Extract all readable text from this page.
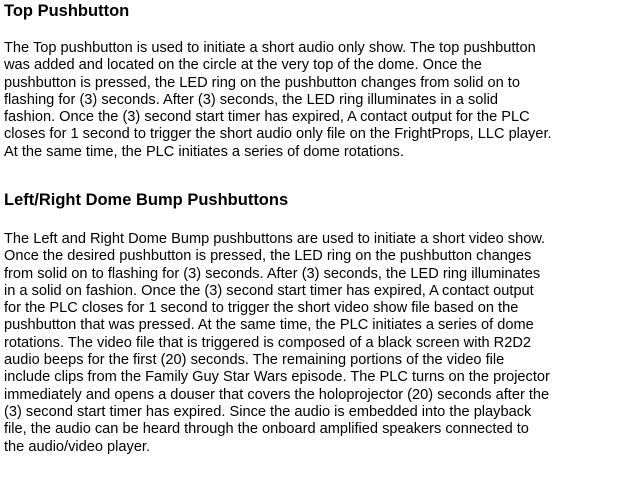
Top Pushbutton

The Top pushbutton is used to initiate a short audio only show. The top pushbutton

was added and located on the circle at the very top of the dome. Once the

pushbutton is pressed, the LED ring on the pushbutton changes from solid on to

flashing for (3) seconds. After (3) seconds, the LED ring illuminates in a solid

fashion. Once the (3) second start timer has expired, A contact output for the PLC

closes for 1 second to trigger the short audio only file on the FrightProps, LLC player.

At the same time, the PLC initiates a series of dome rotations.

Left/Right Dome Bump Pushbuttons

The Left and Right Dome Bump pushbuttons are used to initiate a short video show.

Once the desired pushbutton is pressed, the LED ring on the pushbutton changes

from solid on to flashing for (3) seconds. After (3) seconds, the LED ring illuminates

in a solid on fashion. Once the (3) second start timer has expired, A contact output

for the PLC closes for 1 second to trigger the short video show file based on the

pushbutton that was pressed. At the same time, the PLC initiates a series of dome

rotations. The video file that is triggered is composed of a black screen with R2D2

audio beeps for the first (20) seconds. The remaining portions of the video file

include clips from the Family Guy Star Wars episode. The PLC turns on the projector

immediately and opens a douser that covers the holoprojector (20) seconds after the

(3) second start timer has expired. Since the audio is embedded into the playback

file, the audio can be heard through the onboard amplified speakers connected to

the audio/video player.
